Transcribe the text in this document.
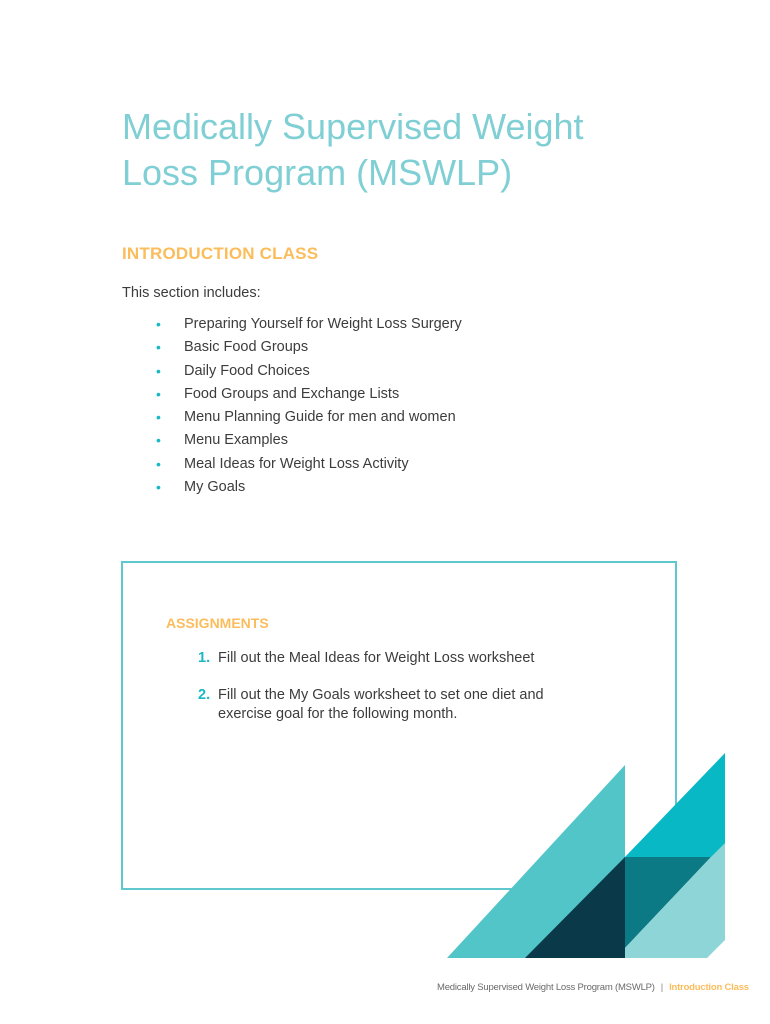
Medically Supervised Weight
Loss Program (MSWLP)
INTRODUCTION CLASS
This section includes:
• Preparing Yourself for Weight Loss Surgery
• Basic Food Groups
• Daily Food Choices
• Food Groups and Exchange Lists
• Menu Planning Guide for men and women
• Menu Examples
• Meal Ideas for Weight Loss Activity
• My Goals
ASSIGNMENTS
1. Fill out the Meal Ideas for Weight Loss worksheet
2. Fill out the My Goals worksheet to set one diet and exercise goal for the following month.
Medically Supervised Weight Loss Program (MSWLP) | Introduction Class
